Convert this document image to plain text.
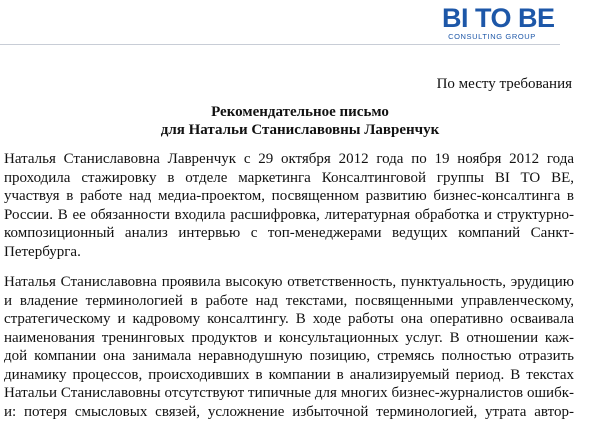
BI TO BE
CONSULTING GROUP
По месту требования
Рекомендательное письмо
для Натальи Станиславовны Лавренчук
Наталья Станиславовна Лавренчук с 29 октября 2012 года по 19 ноября 2012 года
проходила стажировку в отделе маркетинга Консалтинговой группы BI TO BE,
участвуя в работе над медиа-проектом, посвященном развитию бизнес-консалтинга в
России. В ее обязанности входила расшифровка, литературная обработка и структурно-
композиционный анализ интервью с топ-менеджерами ведущих компаний Санкт-
Петербурга.
Наталья Станиславовна проявила высокую ответственность, пунктуальность, эрудицию
и владение терминологией в работе над текстами, посвященными управленческому,
стратегическому и кадровому консалтингу. В ходе работы она оперативно осваивала
наименования тренинговых продуктов и консультационных услуг. В отношении каж-
дой компании она занимала неравнодушную позицию, стремясь полностью отразить
динамику процессов, происходивших в компании в анализируемый период. В текстах
Натальи Станиславовны отсутствуют типичные для многих бизнес-журналистов ошибк-
и: потеря смысловых связей, усложнение избыточной терминологией, утрата автор-
